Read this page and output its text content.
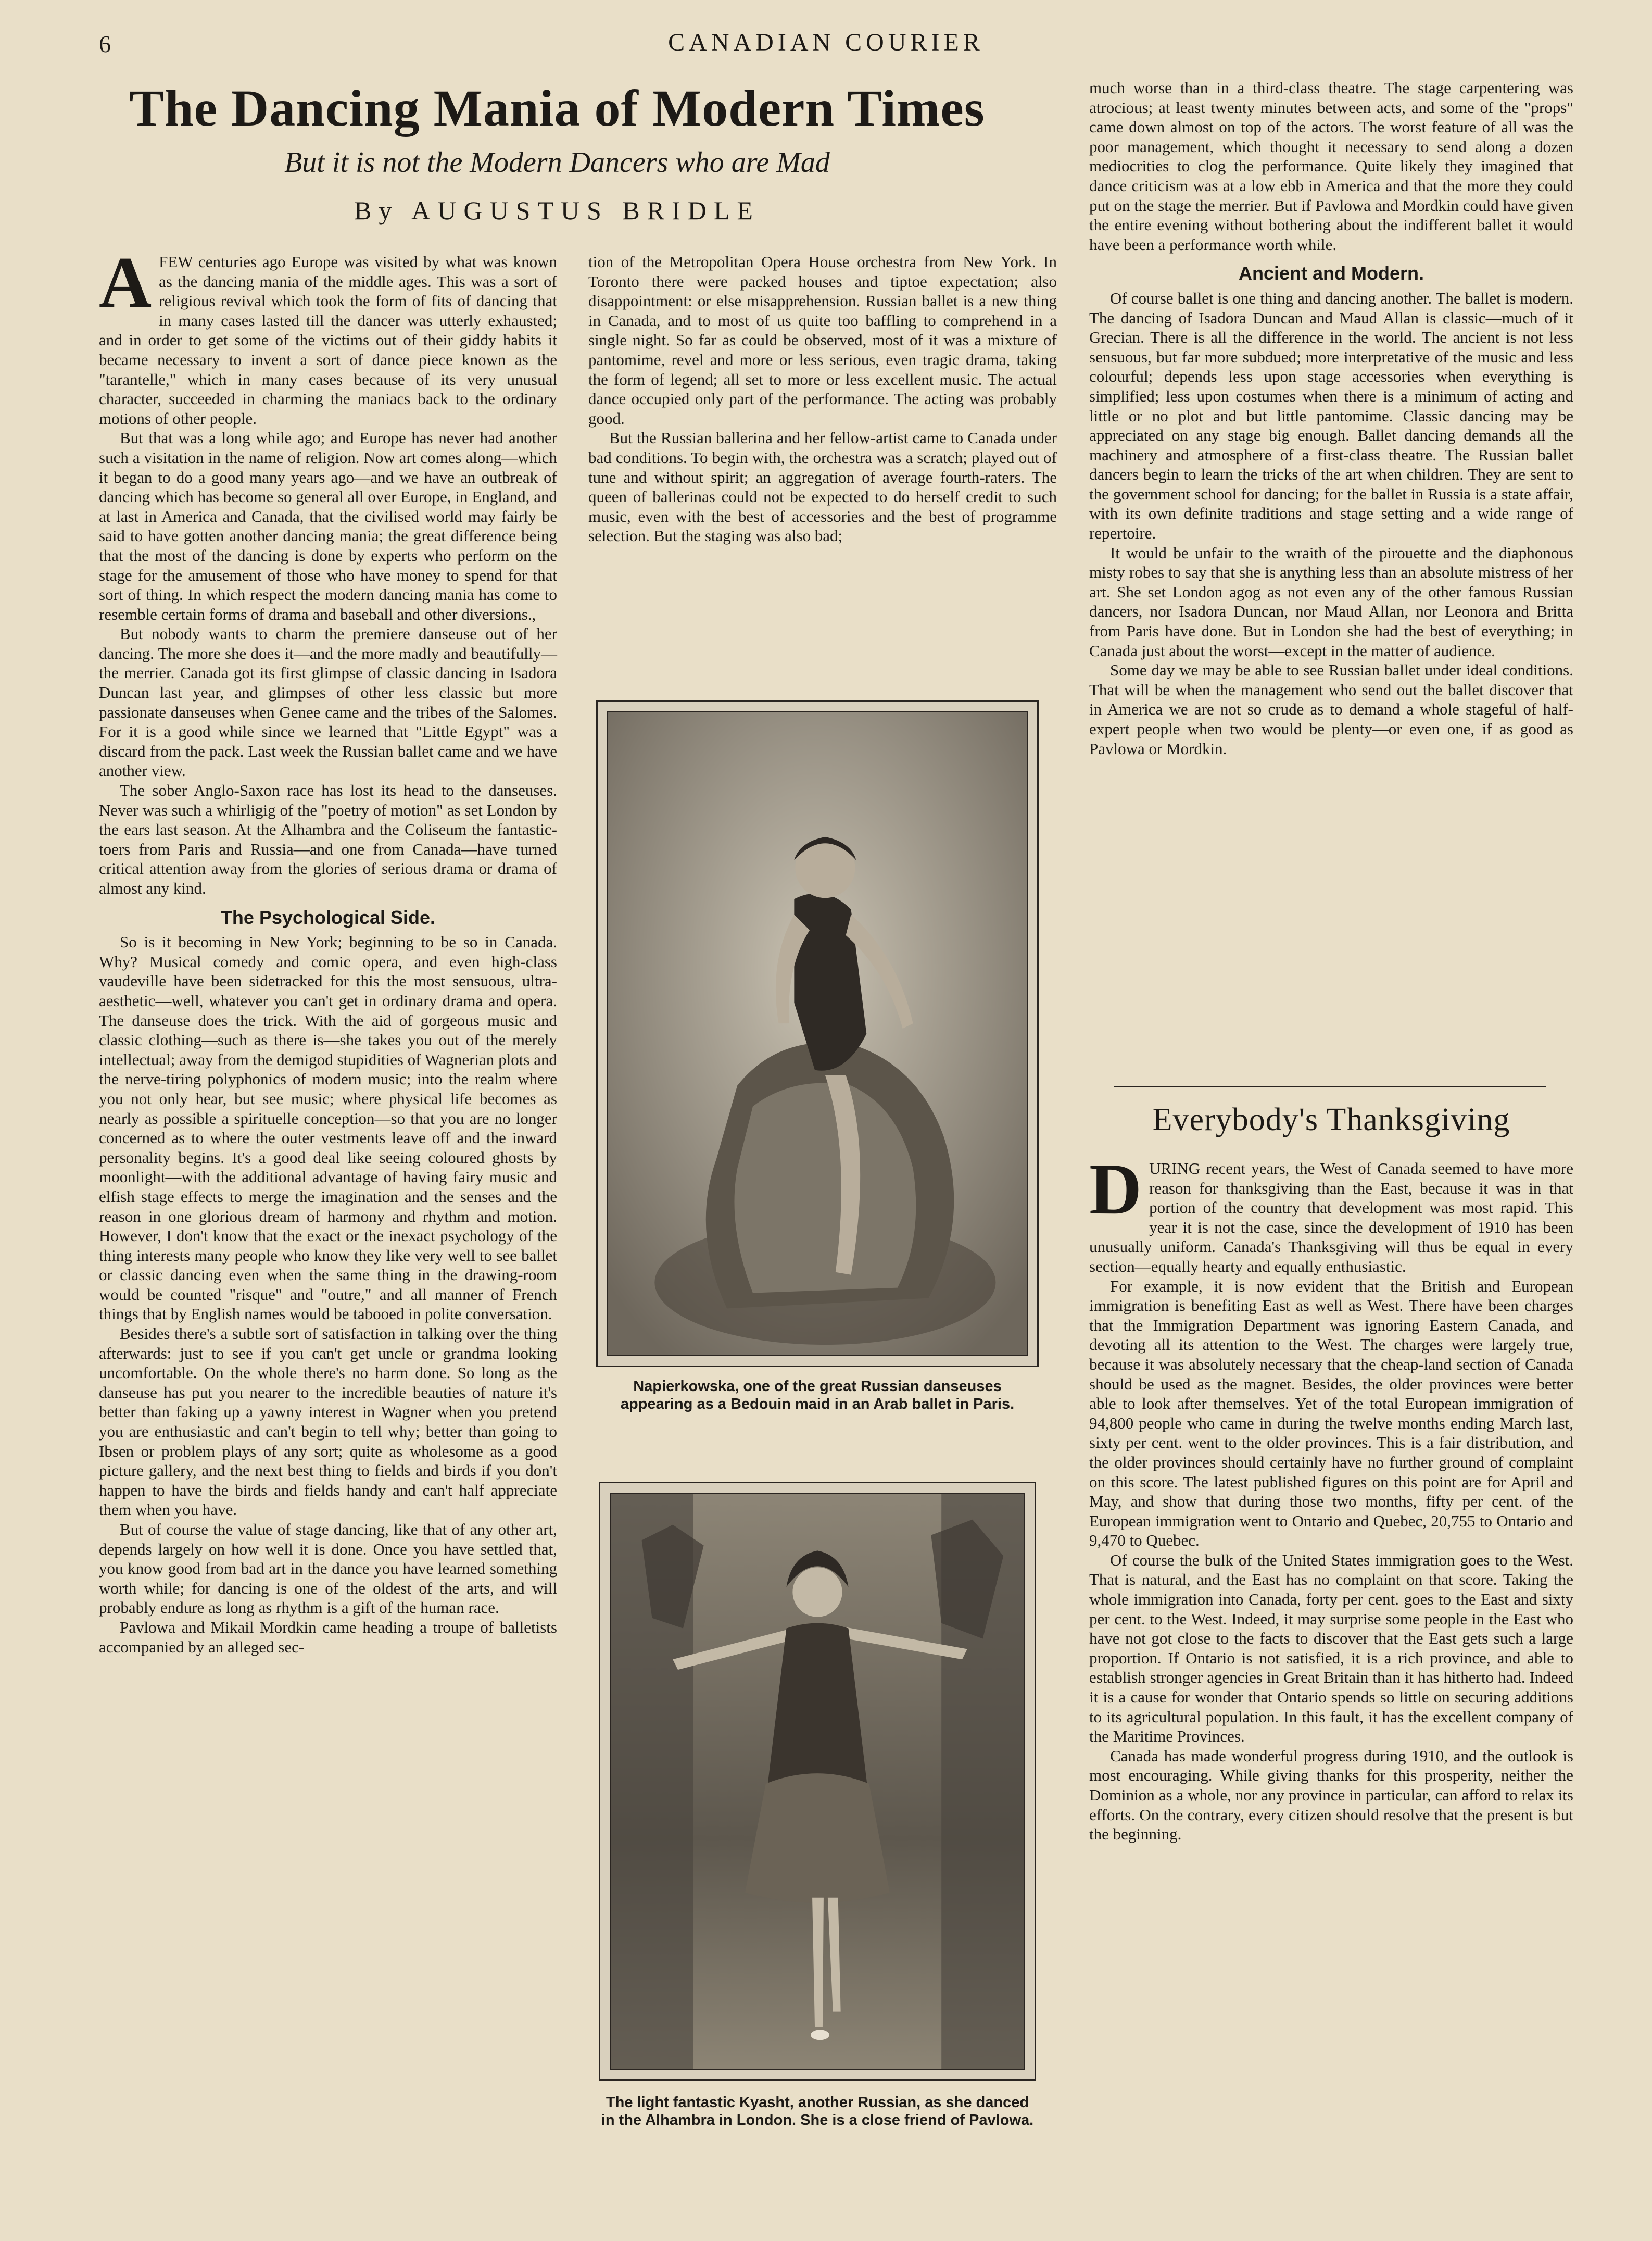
6	CANADIAN COURIER
The Dancing Mania of Modern Times
But it is not the Modern Dancers who are Mad
By AUGUSTUS BRIDLE

AFEW centuries ago Europe was visited by what was known as the dancing mania of the middle ages. This was a sort of religious revival which took the form of fits of dancing that in many cases lasted till the dancer was utterly exhausted; and in order to get some of the victims out of their giddy habits it became necessary to invent a sort of dance piece known as the "tarantelle," which in many cases because of its very unusual character, succeeded in charming the maniacs back to the ordinary motions of other people.

But that was a long while ago; and Europe has never had another such a visitation in the name of religion. Now art comes along—which it began to do a good many years ago—and we have an outbreak of dancing which has become so general all over Europe, in England, and at last in America and Canada, that the civilised world may fairly be said to have gotten another dancing mania; the great difference being that the most of the dancing is done by experts who perform on the stage for the amusement of those who have money to spend for that sort of thing. In which respect the modern dancing mania has come to resemble certain forms of drama and baseball and other diversions.,

But nobody wants to charm the premiere danseuse out of her dancing. The more she does it—and the more madly and beautifully—the merrier. Canada got its first glimpse of classic dancing in Isadora Duncan last year, and glimpses of other less classic but more passionate danseuses when Genee came and the tribes of the Salomes. For it is a good while since we learned that "Little Egypt" was a discard from the pack. Last week the Russian ballet came and we have another view.

The sober Anglo-Saxon race has lost its head to the danseuses. Never was such a whirligig of the "poetry of motion" as set London by the ears last season. At the Alhambra and the Coliseum the fantastic-toers from Paris and Russia—and one from Canada—have turned critical attention away from the glories of serious drama or drama of almost any kind.

The Psychological Side.

So is it becoming in New York; beginning to be so in Canada. Why? Musical comedy and comic opera, and even high-class vaudeville have been sidetracked for this the most sensuous, ultra-aesthetic—well, whatever you can't get in ordinary drama and opera. The danseuse does the trick. With the aid of gorgeous music and classic clothing—such as there is—she takes you out of the merely intellectual; away from the demigod stupidities of Wagnerian plots and the nerve-tiring polyphonics of modern music; into the realm where you not only hear, but see music; where physical life becomes as nearly as possible a spirituelle conception—so that you are no longer concerned as to where the outer vestments leave off and the inward personality begins. It's a good deal like seeing coloured ghosts by moonlight—with the additional advantage of having fairy music and elfish stage effects to merge the imagination and the senses and the reason in one glorious dream of harmony and rhythm and motion. However, I don't know that the exact or the inexact psychology of the thing interests many people who know they like very well to see ballet or classic dancing even when the same thing in the drawing-room would be counted "risque" and "outre," and all manner of French things that by English names would be tabooed in polite conversation.

Besides there's a subtle sort of satisfaction in talking over the thing afterwards: just to see if you can't get uncle or grandma looking uncomfortable. On the whole there's no harm done. So long as the danseuse has put you nearer to the incredible beauties of nature it's better than faking up a yawny interest in Wagner when you pretend you are enthusiastic and can't begin to tell why; better than going to Ibsen or problem plays of any sort; quite as wholesome as a good picture gallery, and the next best thing to fields and birds if you don't happen to have the birds and fields handy and can't half appreciate them when you have.

But of course the value of stage dancing, like that of any other art, depends largely on how well it is done. Once you have settled that, you know good from bad art in the dance you have learned something worth while; for dancing is one of the oldest of the arts, and will probably endure as long as rhythm is a gift of the human race.

Pavlowa and Mikail Mordkin came heading a troupe of balletists accompanied by an alleged sec-

tion of the Metropolitan Opera House orchestra from New York. In Toronto there were packed houses and tiptoe expectation; also disappointment: or else misapprehension. Russian ballet is a new thing in Canada, and to most of us quite too baffling to comprehend in a single night. So far as could be observed, most of it was a mixture of pantomime, revel and more or less serious, even tragic drama, taking the form of legend; all set to more or less excellent music. The actual dance occupied only part of the performance. The acting was probably good.

But the Russian ballerina and her fellow-artist came to Canada under bad conditions. To begin with, the orchestra was a scratch; played out of tune and without spirit; an aggregation of average fourth-raters. The queen of ballerinas could not be expected to do herself credit to such music, even with the best of accessories and the best of programme selection. But the staging was also bad;

Napierkowska, one of the great Russian danseuses appearing as a Bedouin maid in an Arab ballet in Paris.
The light fantastic Kyasht, another Russian, as she danced in the Alhambra in London. She is a close friend of Pavlowa.

much worse than in a third-class theatre. The stage carpentering was atrocious; at least twenty minutes between acts, and some of the "props" came down almost on top of the actors. The worst feature of all was the poor management, which thought it necessary to send along a dozen mediocrities to clog the performance. Quite likely they imagined that dance criticism was at a low ebb in America and that the more they could put on the stage the merrier. But if Pavlowa and Mordkin could have given the entire evening without bothering about the indifferent ballet it would have been a performance worth while.

Ancient and Modern.

Of course ballet is one thing and dancing another. The ballet is modern. The dancing of Isadora Duncan and Maud Allan is classic—much of it Grecian. There is all the difference in the world. The ancient is not less sensuous, but far more subdued; more interpretative of the music and less colourful; depends less upon stage accessories when everything is simplified; less upon costumes when there is a minimum of acting and little or no plot and but little pantomime. Classic dancing may be appreciated on any stage big enough. Ballet dancing demands all the machinery and atmosphere of a first-class theatre. The Russian ballet dancers begin to learn the tricks of the art when children. They are sent to the government school for dancing; for the ballet in Russia is a state affair, with its own definite traditions and stage setting and a wide range of repertoire.

It would be unfair to the wraith of the pirouette and the diaphonous misty robes to say that she is anything less than an absolute mistress of her art. She set London agog as not even any of the other famous Russian dancers, nor Isadora Duncan, nor Maud Allan, nor Leonora and Britta from Paris have done. But in London she had the best of everything; in Canada just about the worst—except in the matter of audience.

Some day we may be able to see Russian ballet under ideal conditions. That will be when the management who send out the ballet discover that in America we are not so crude as to demand a whole stageful of half-expert people when two would be plenty—or even one, if as good as Pavlowa or Mordkin.

Everybody's Thanksgiving

DURING recent years, the West of Canada seemed to have more reason for thanksgiving than the East, because it was in that portion of the country that development was most rapid. This year it is not the case, since the development of 1910 has been unusually uniform. Canada's Thanksgiving will thus be equal in every section—equally hearty and equally enthusiastic.

For example, it is now evident that the British and European immigration is benefiting East as well as West. There have been charges that the Immigration Department was ignoring Eastern Canada, and devoting all its attention to the West. The charges were largely true, because it was absolutely necessary that the cheap-land section of Canada should be used as the magnet. Besides, the older provinces were better able to look after themselves. Yet of the total European immigration of 94,800 people who came in during the twelve months ending March last, sixty per cent. went to the older provinces. This is a fair distribution, and the older provinces should certainly have no further ground of complaint on this score. The latest published figures on this point are for April and May, and show that during those two months, fifty per cent. of the European immigration went to Ontario and Quebec, 20,755 to Ontario and 9,470 to Quebec.

Of course the bulk of the United States immigration goes to the West. That is natural, and the East has no complaint on that score. Taking the whole immigration into Canada, forty per cent. goes to the East and sixty per cent. to the West. Indeed, it may surprise some people in the East who have not got close to the facts to discover that the East gets such a large proportion. If Ontario is not satisfied, it is a rich province, and able to establish stronger agencies in Great Britain than it has hitherto had. Indeed it is a cause for wonder that Ontario spends so little on securing additions to its agricultural population. In this fault, it has the excellent company of the Maritime Provinces.

Canada has made wonderful progress during 1910, and the outlook is most encouraging. While giving thanks for this prosperity, neither the Dominion as a whole, nor any province in particular, can afford to relax its efforts. On the contrary, every citizen should resolve that the present is but the beginning.
